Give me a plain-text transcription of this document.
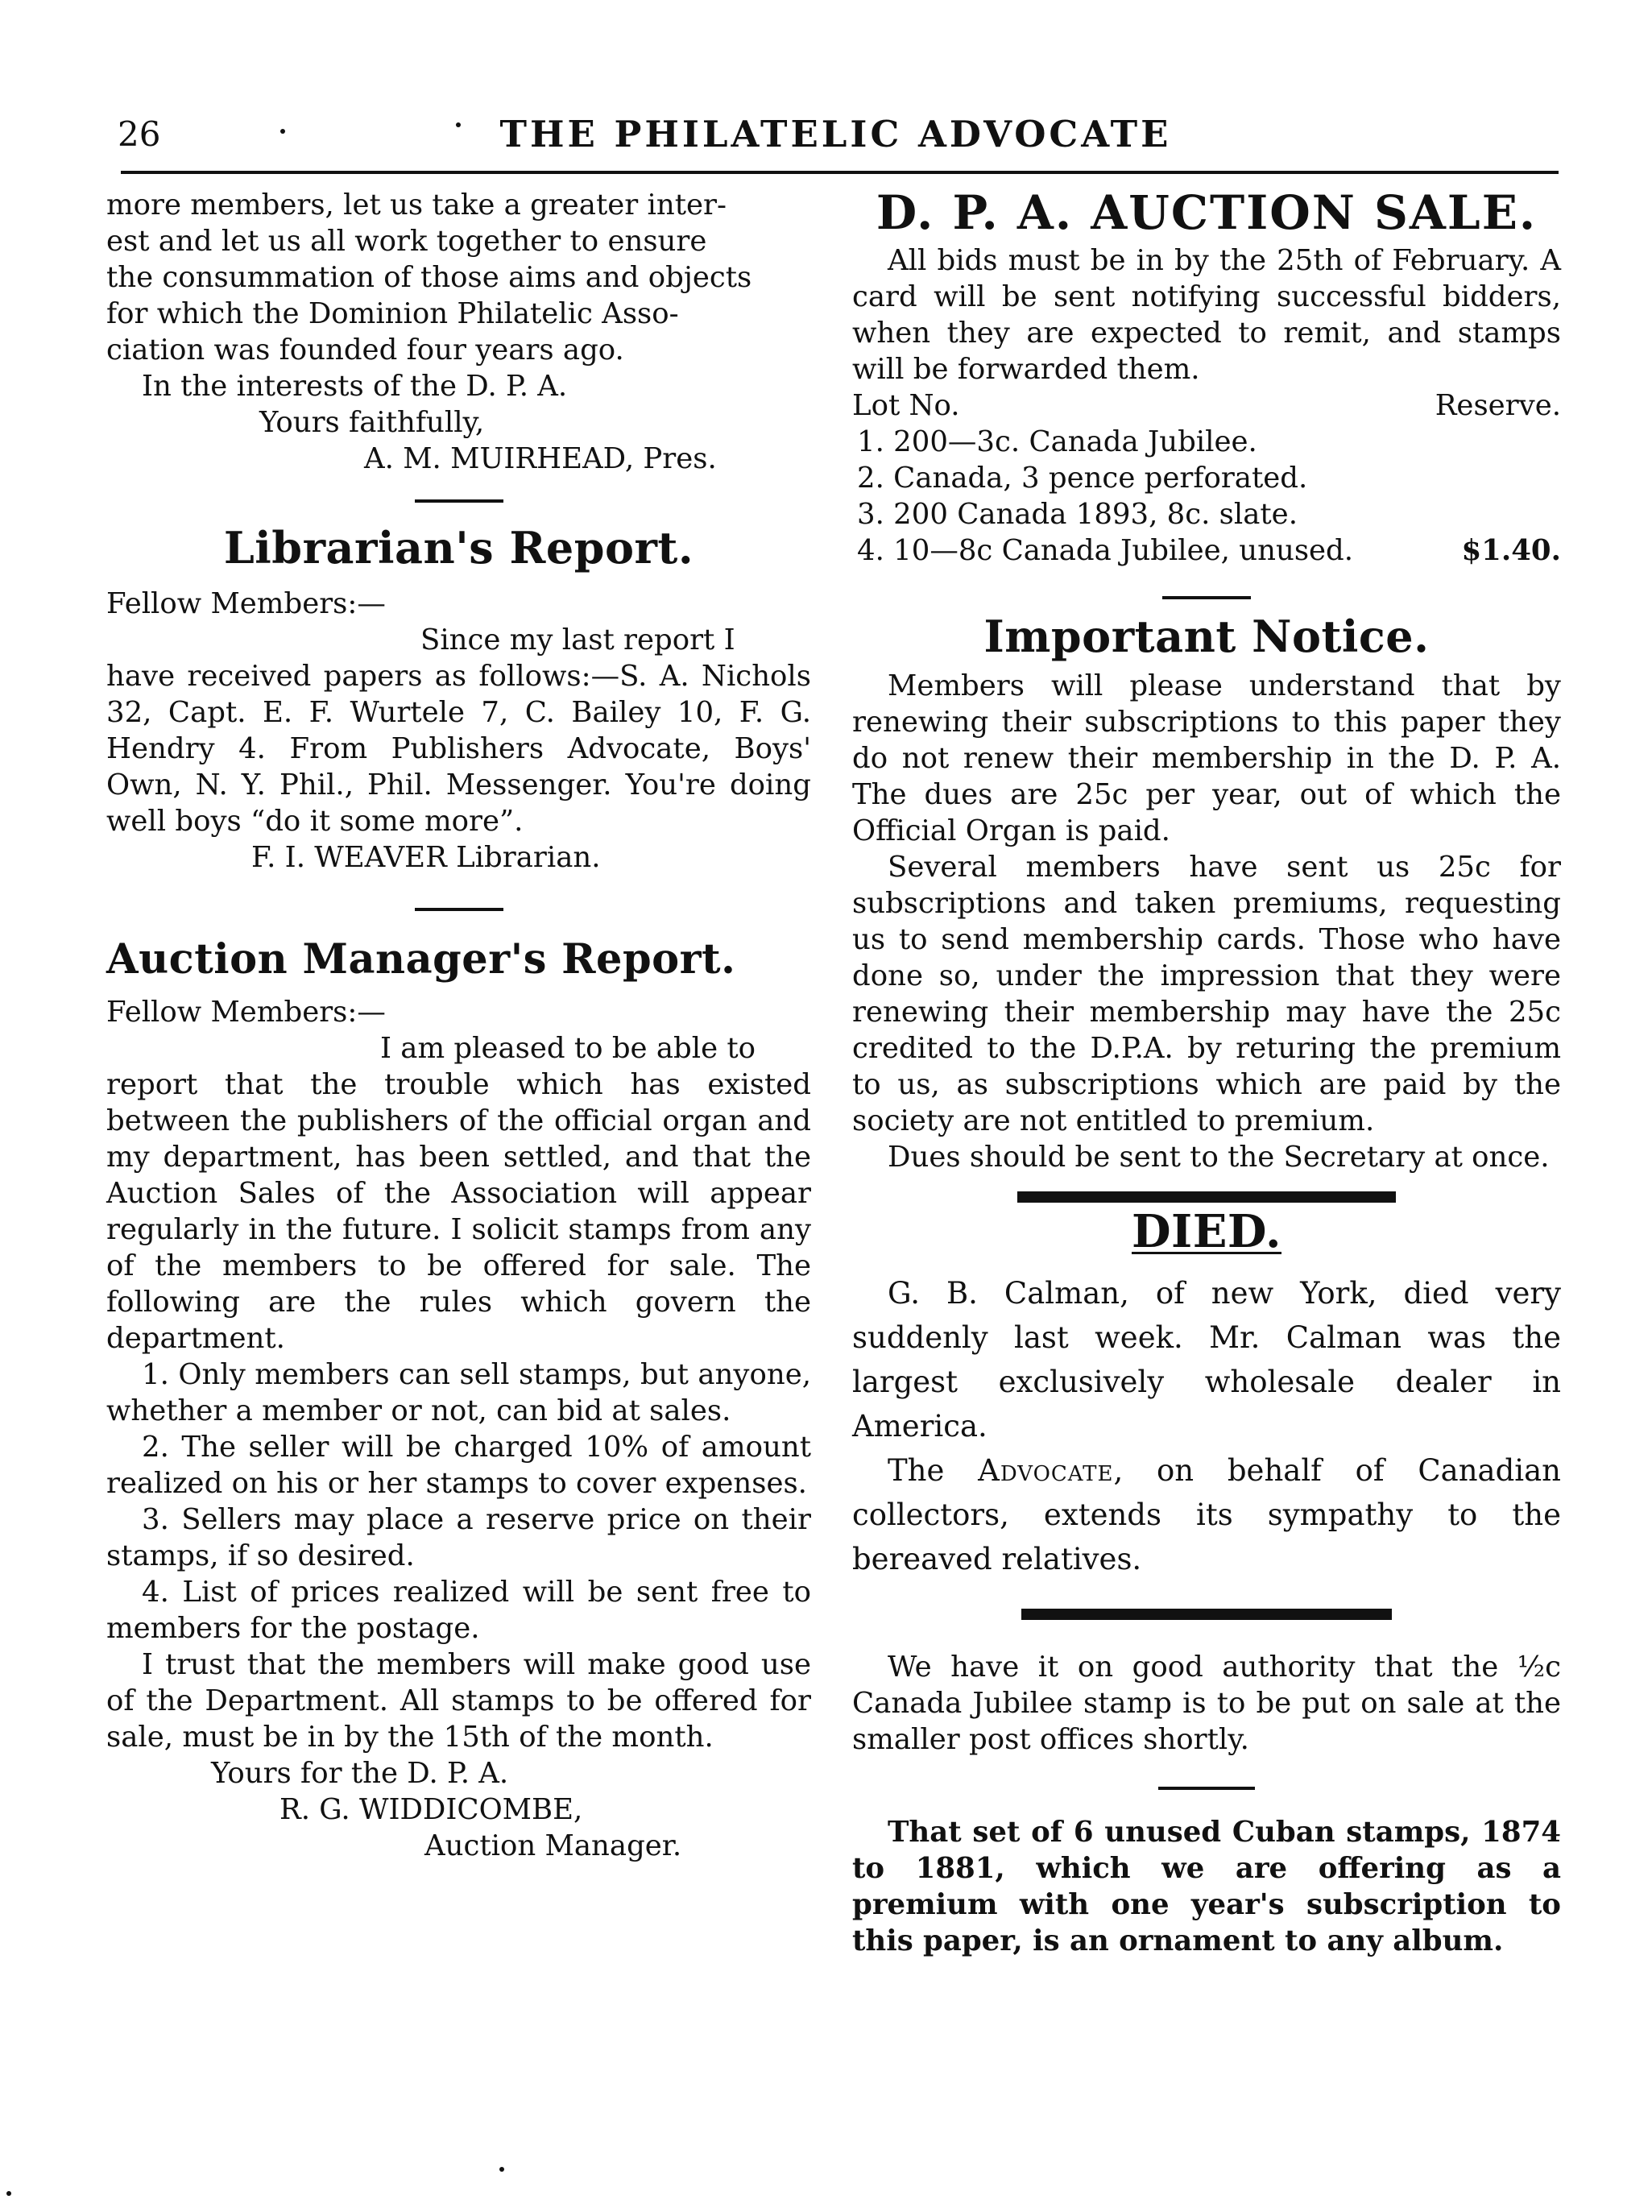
26	THE PHILATELIC ADVOCATE

more members, let us take a greater inter-

est and let us all work together to ensure

the consummation of those aims and objects

for which the Dominion Philatelic Asso-

ciation was founded four years ago.

In the interests of the D. P. A.

Yours faithfully,

A. M. MUIRHEAD, Pres.

Librarian's Report.

Fellow Members:—

Since my last report I

have received papers as follows:—S. A. Nichols 32, Capt. E. F. Wurtele 7, C. Bailey 10, F. G. Hendry 4. From Publishers Advocate, Boys' Own, N. Y. Phil., Phil. Messenger. You're doing well boys “do it some more”.

F. I. WEAVER Librarian.

Auction Manager's Report.

Fellow Members:—

I am pleased to be able to

report that the trouble which has existed between the publishers of the official organ and my department, has been settled, and that the Auction Sales of the Association will appear regularly in the future. I solicit stamps from any of the members to be offered for sale. The following are the rules which govern the department.

1. Only members can sell stamps, but anyone, whether a member or not, can bid at sales.

2. The seller will be charged 10% of amount realized on his or her stamps to cover expenses.

3. Sellers may place a reserve price on their stamps, if so desired.

4. List of prices realized will be sent free to members for the postage.

I trust that the members will make good use of the Department. All stamps to be offered for sale, must be in by the 15th of the month.

Yours for the D. P. A.

R. G. WIDDICOMBE,

Auction Manager.

D. P. A. AUCTION SALE.

All bids must be in by the 25th of February. A card will be sent notifying successful bidders, when they are expected to remit, and stamps will be forwarded them.

Lot No.	Reserve.

1. 200—3c. Canada Jubilee.

2. Canada, 3 pence perforated.

3. 200 Canada 1893, 8c. slate.

4. 10—8c Canada Jubilee, unused.	$1.40.
Important Notice.

Members will please understand that by renewing their subscriptions to this paper they do not renew their membership in the D. P. A. The dues are 25c per year, out of which the Official Organ is paid.

Several members have sent us 25c for subscriptions and taken premiums, requesting us to send membership cards. Those who have done so, under the impression that they were renewing their membership may have the 25c credited to the D.P.A. by returing the premium to us, as subscriptions which are paid by the society are not entitled to premium.

Dues should be sent to the Secretary at once.

DIED.

G. B. Calman, of new York, died very suddenly last week. Mr. Calman was the largest exclusively wholesale dealer in America.

The Advocate, on behalf of Canadian collectors, extends its sympathy to the bereaved relatives.

We have it on good authority that the ½c Canada Jubilee stamp is to be put on sale at the smaller post offices shortly.

That set of 6 unused Cuban stamps, 1874 to 1881, which we are offering as a premium with one year's subscription to this paper, is an ornament to any album.
